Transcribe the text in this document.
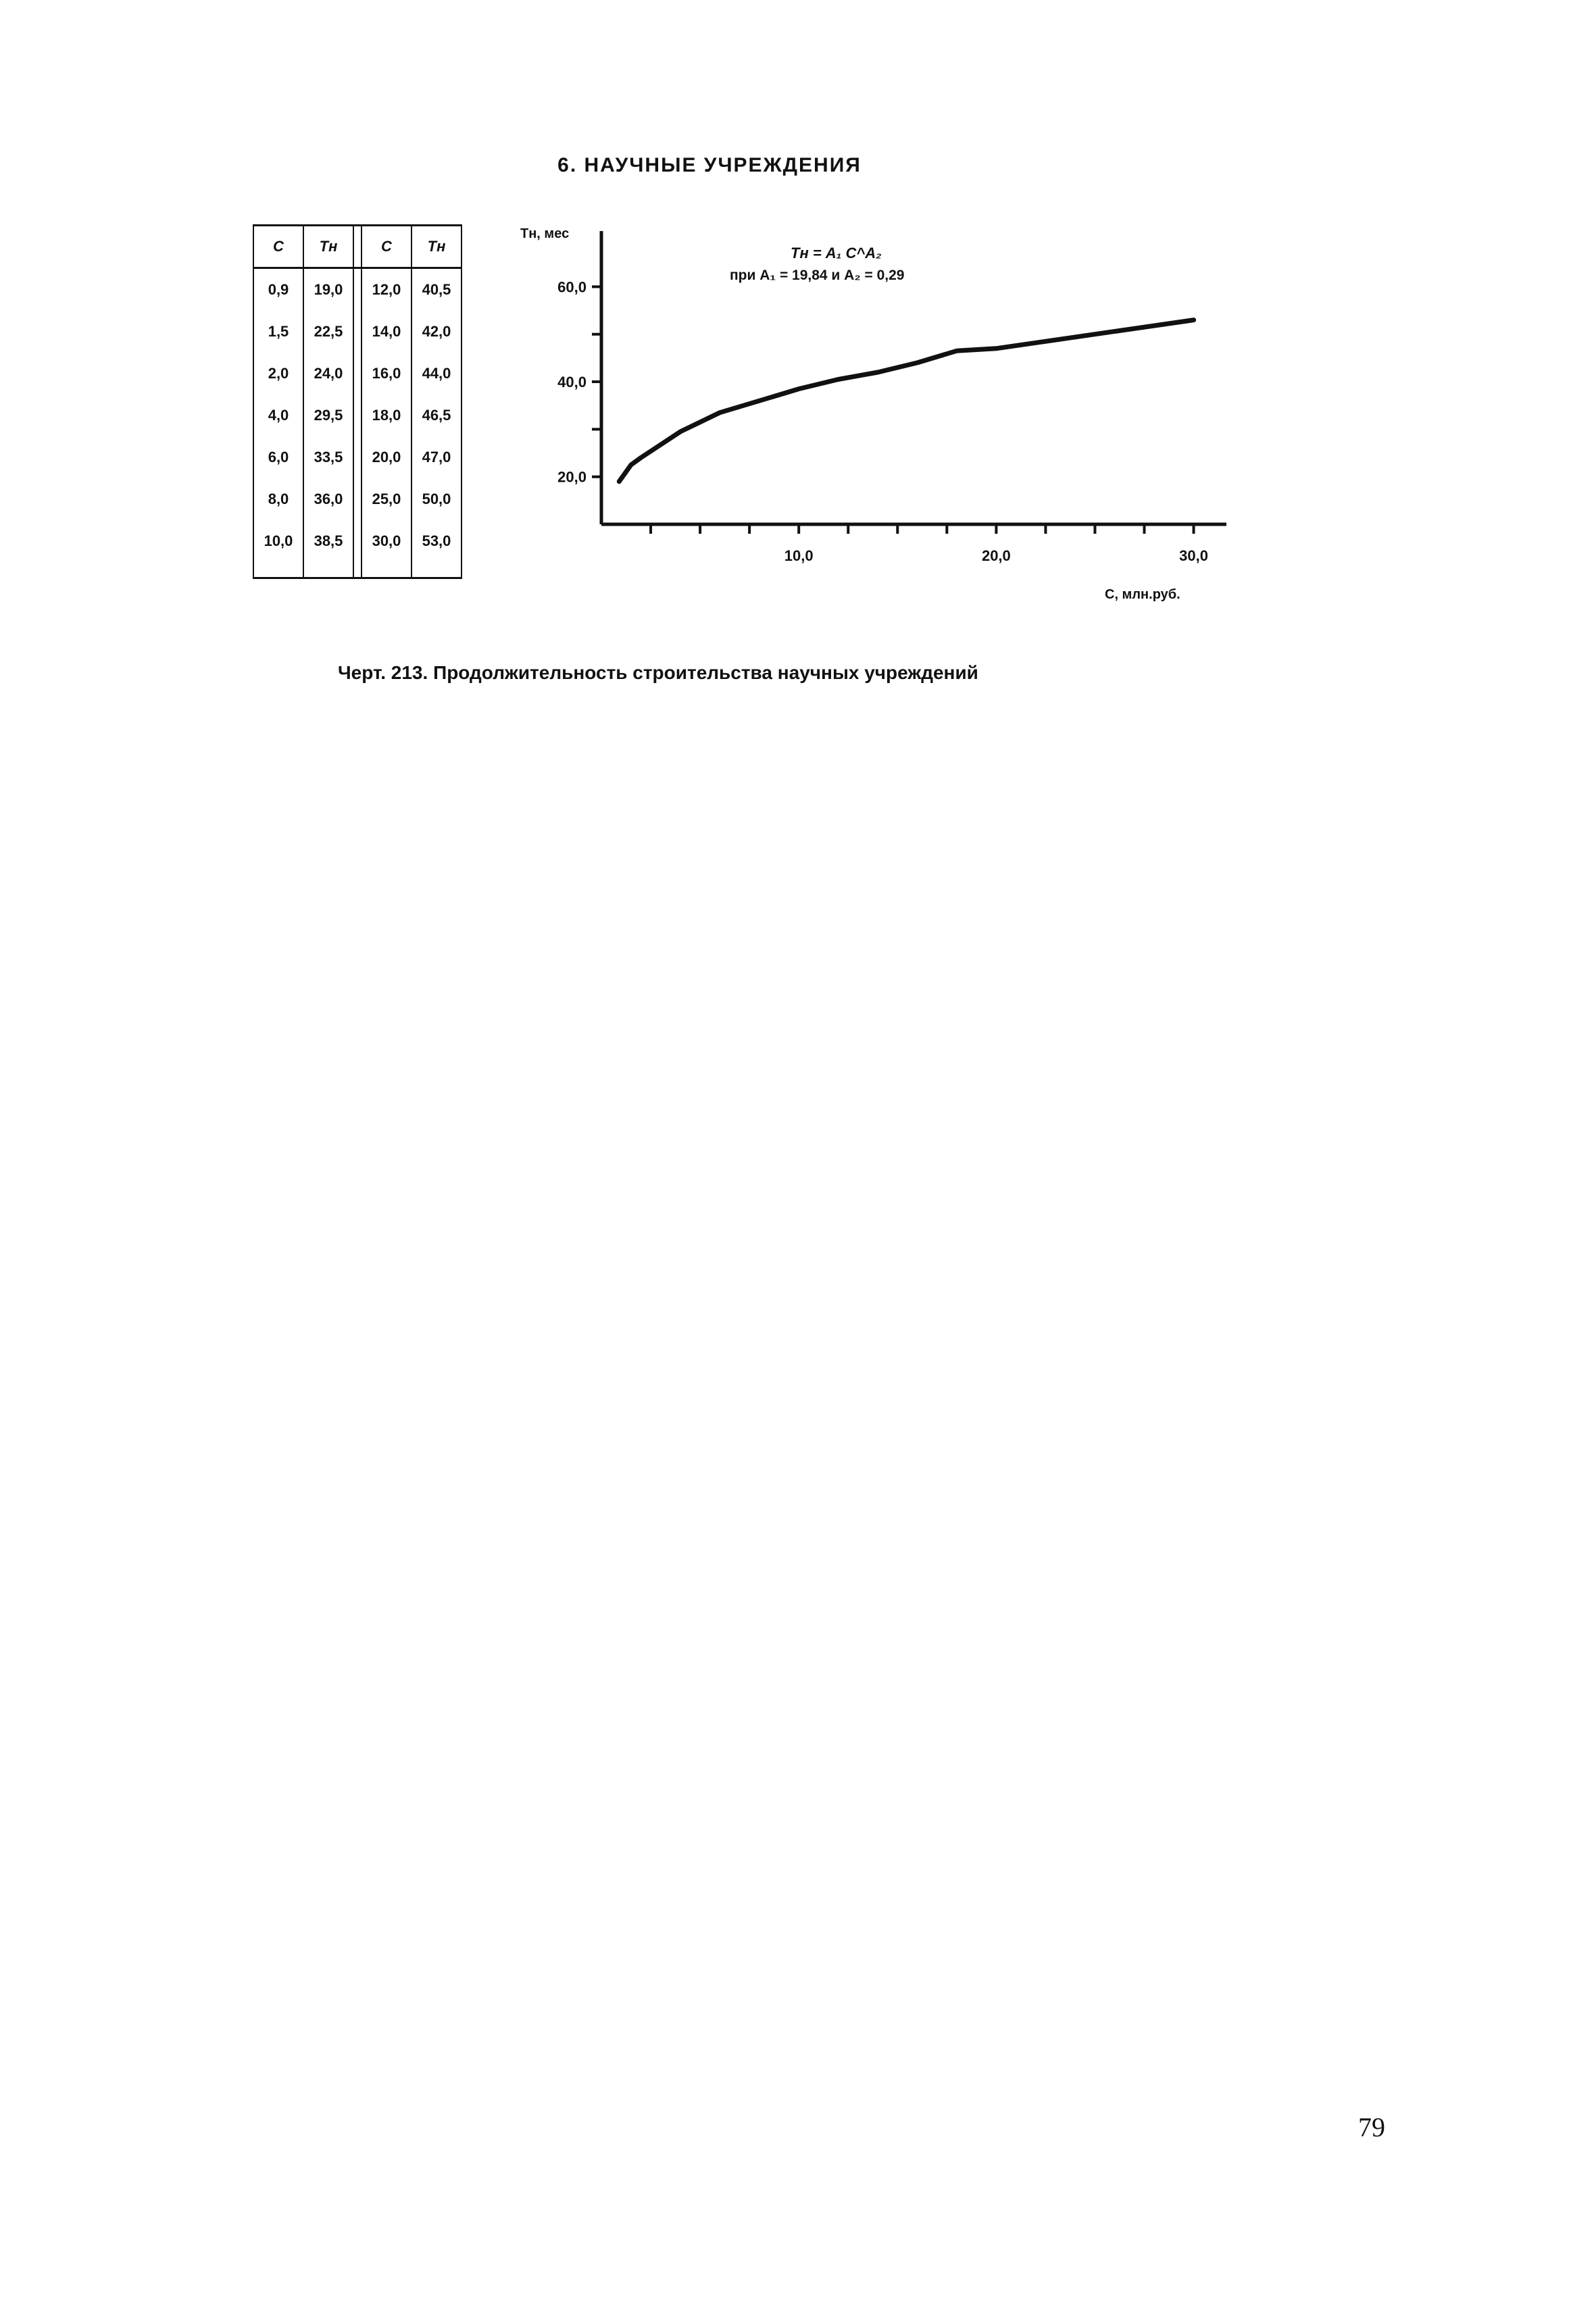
6. НАУЧНЫЕ УЧРЕЖДЕНИЯ
C	Tн		C	Tн
0,9	19,0		12,0	40,5
1,5	22,5		14,0	42,0
2,0	24,0		16,0	44,0
4,0	29,5		18,0	46,5
6,0	33,5		20,0	47,0
8,0	36,0		25,0	50,0
10,0	38,5		30,0	53,0

10,0	20,0	30,0
20,0
40,0
60,0
Tн, мес
C, млн.руб.
Tн = A₁ C^A₂
при A₁ = 19,84 и A₂ = 0,29
Черт. 213. Продолжительность строительства научных учреждений
79
